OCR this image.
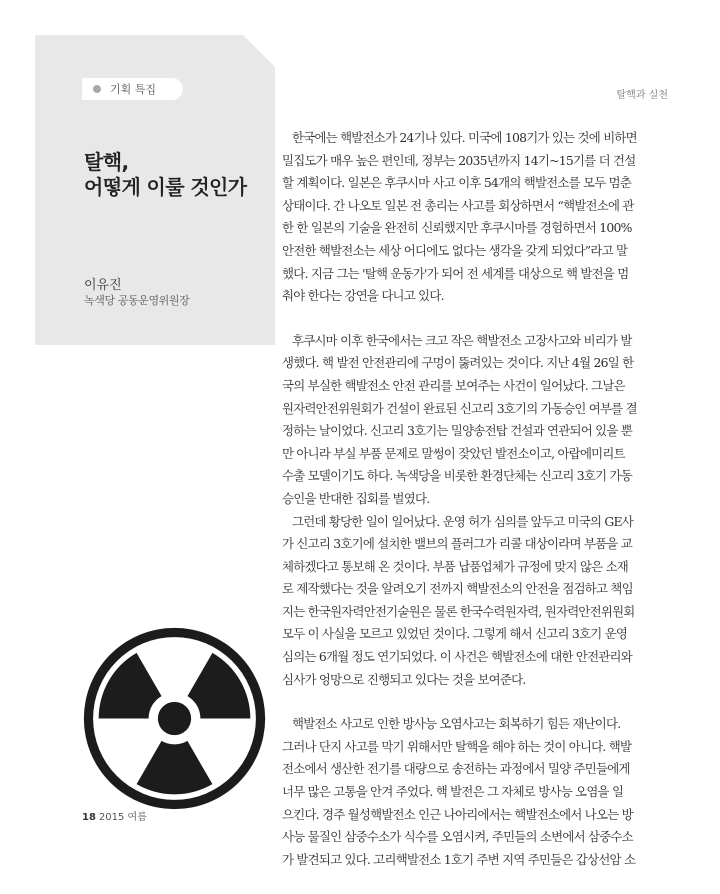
기획 특집	탈핵과 실천
탈핵,
어떻게 이룰 것인가
이유진
녹색당 공동운영위원장
한국에는 핵발전소가 24기나 있다. 미국에 108기가 있는 것에 비하면
밀집도가 매우 높은 편인데, 정부는 2035년까지 14기~15기를 더 건설
할 계획이다. 일본은 후쿠시마 사고 이후 54개의 핵발전소를 모두 멈춘
상태이다. 간 나오토 일본 전 총리는 사고를 회상하면서 “핵발전소에 관
한 한 일본의 기술을 완전히 신뢰했지만 후쿠시마를 경험하면서 100%
안전한 핵발전소는 세상 어디에도 없다는 생각을 갖게 되었다”라고 말
했다. 지금 그는 '탈핵 운동가'가 되어 전 세계를 대상으로 핵 발전을 멈
춰야 한다는 강연을 다니고 있다.
후쿠시마 이후 한국에서는 크고 작은 핵발전소 고장사고와 비리가 발
생했다. 핵 발전 안전관리에 구멍이 뚫려있는 것이다. 지난 4월 26일 한
국의 부실한 핵발전소 안전 관리를 보여주는 사건이 일어났다. 그날은
원자력안전위원회가 건설이 완료된 신고리 3호기의 가동승인 여부를 결
정하는 날이었다. 신고리 3호기는 밀양송전탑 건설과 연관되어 있을 뿐
만 아니라 부실 부품 문제로 말썽이 잦았던 발전소이고, 아랍에미리트
수출 모델이기도 하다. 녹색당을 비롯한 환경단체는 신고리 3호기 가동
승인을 반대한 집회를 벌였다.
그런데 황당한 일이 일어났다. 운영 허가 심의를 앞두고 미국의 GE사
가 신고리 3호기에 설치한 밸브의 플러그가 리콜 대상이라며 부품을 교
체하겠다고 통보해 온 것이다. 부품 납품업체가 규정에 맞지 않은 소재
로 제작했다는 것을 알려오기 전까지 핵발전소의 안전을 점검하고 책임
지는 한국원자력안전기술원은 물론 한국수력원자력, 원자력안전위원회
모두 이 사실을 모르고 있었던 것이다. 그렇게 해서 신고리 3호기 운영
심의는 6개월 정도 연기되었다. 이 사건은 핵발전소에 대한 안전관리와
심사가 엉망으로 진행되고 있다는 것을 보여준다.
핵발전소 사고로 인한 방사능 오염사고는 회복하기 힘든 재난이다.
그러나 단지 사고를 막기 위해서만 탈핵을 해야 하는 것이 아니다. 핵발
전소에서 생산한 전기를 대량으로 송전하는 과정에서 밀양 주민들에게
너무 많은 고통을 안겨 주었다. 핵 발전은 그 자체로 방사능 오염을 일
으킨다. 경주 월성핵발전소 인근 나아리에서는 핵발전소에서 나오는 방
사능 물질인 삼중수소가 식수를 오염시켜, 주민들의 소변에서 삼중수소
가 발견되고 있다. 고리핵발전소 1호기 주변 지역 주민들은 갑상선암 소
18 2015 여름
